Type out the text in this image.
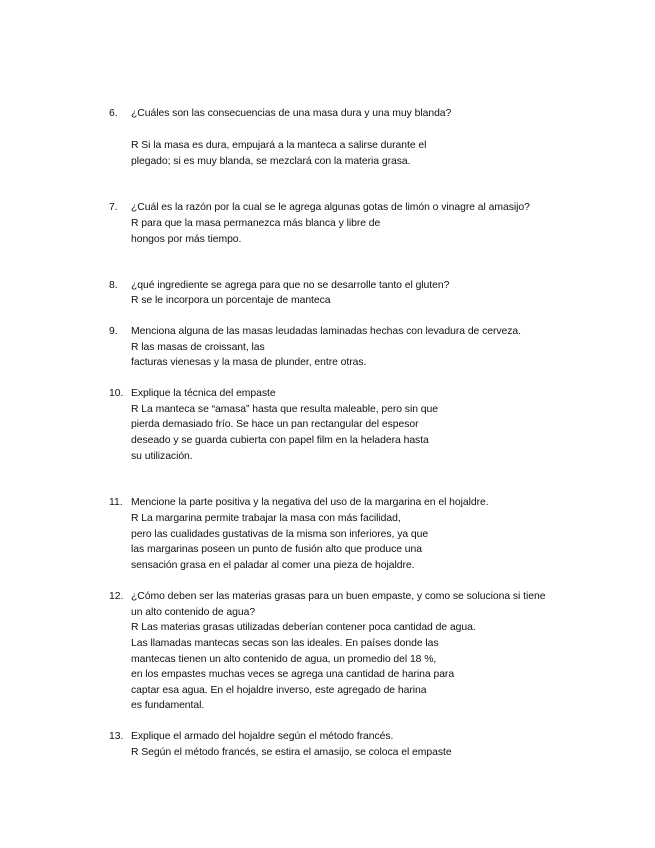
6. ¿Cuáles son las consecuencias de una masa dura y una muy blanda?
R Si la masa es dura, empujará a la manteca a salirse durante el
plegado; si es muy blanda, se mezclará con la materia grasa.
7. ¿Cuál es la razón por la cual se le agrega algunas gotas de limón o vinagre al amasijo?
R para que la masa permanezca más blanca y libre de
hongos por más tiempo.
8. ¿qué ingrediente se agrega para que no se desarrolle tanto el gluten?
R se le incorpora un porcentaje de manteca
9. Menciona alguna de las masas leudadas laminadas hechas con levadura de cerveza.
R las masas de croissant, las
facturas vienesas y la masa de plunder, entre otras.
10. Explique la técnica del empaste
R La manteca se “amasa” hasta que resulta maleable, pero sin que
pierda demasiado frío. Se hace un pan rectangular del espesor
deseado y se guarda cubierta con papel film en la heladera hasta
su utilización.
11. Mencione la parte positiva y la negativa del uso de la margarina en el hojaldre.
R La margarina permite trabajar la masa con más facilidad,
pero las cualidades gustativas de la misma son inferiores, ya que
las margarinas poseen un punto de fusión alto que produce una
sensación grasa en el paladar al comer una pieza de hojaldre.
12. ¿Cómo deben ser las materias grasas para un buen empaste, y como se soluciona si tiene
un alto contenido de agua?
R Las materias grasas utilizadas deberían contener poca cantidad de agua.
Las llamadas mantecas secas son las ideales. En países donde las
mantecas tienen un alto contenido de agua, un promedio del 18 %,
en los empastes muchas veces se agrega una cantidad de harina para
captar esa agua. En el hojaldre inverso, este agregado de harina
es fundamental.
13. Explique el armado del hojaldre según el método francés.
R Según el método francés, se estira el amasijo, se coloca el empaste
